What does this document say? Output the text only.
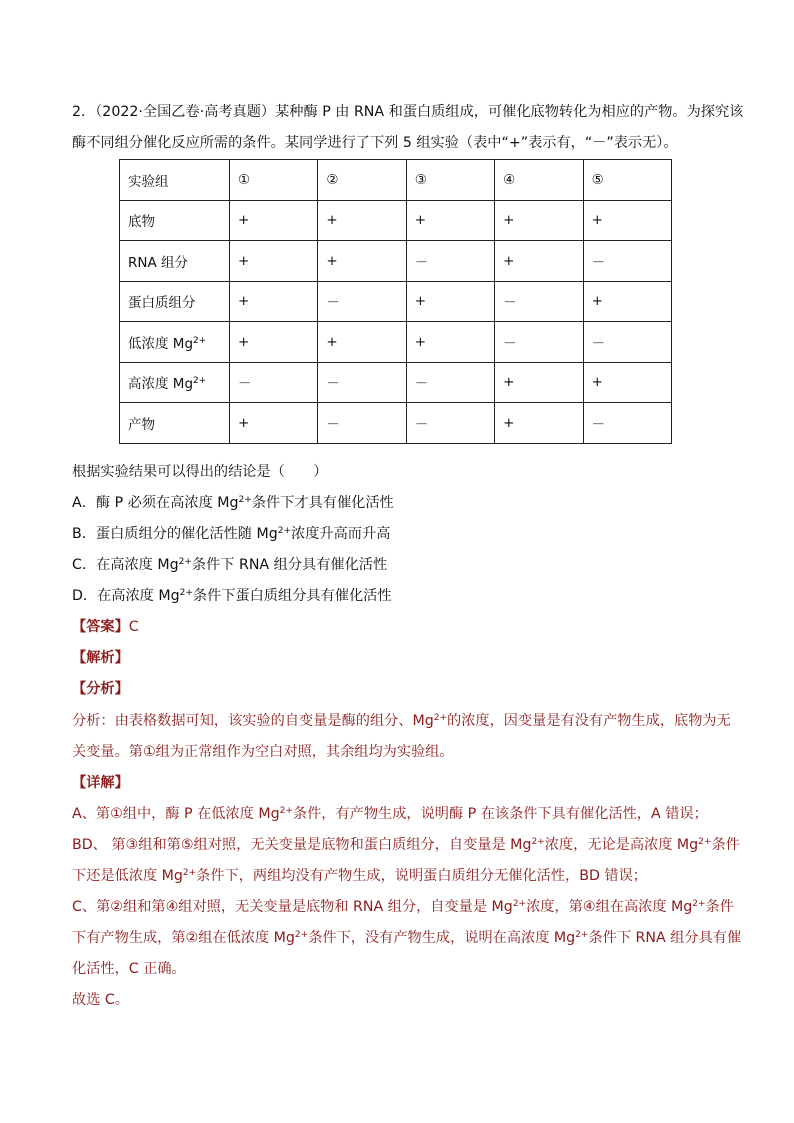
2．（2022·全国乙卷·高考真题）某种酶 P 由 RNA 和蛋白质组成，可催化底物转化为相应的产物。为探究该
酶不同组分催化反应所需的条件。某同学进行了下列 5 组实验（表中“+”表示有，“－”表示无）。
实验组	①	②	③	④	⑤
底物	+	+	+	+	+
RNA 组分	+	+	－	+	－
蛋白质组分	+	－	+	－	+
低浓度 $Mg^{2+}$	+	+	+	－	－
高浓度 $Mg^{2+}$	－	－	－	+	+
产物	+	－	－	+	－
根据实验结果可以得出的结论是（　　）
A．酶 P 必须在高浓度 $Mg^{2+}$条件下才具有催化活性
B．蛋白质组分的催化活性随 $Mg^{2+}$浓度升高而升高
C．在高浓度 $Mg^{2+}$条件下 RNA 组分具有催化活性
D．在高浓度 $Mg^{2+}$条件下蛋白质组分具有催化活性
【答案】C
【解析】
【分析】
分析：由表格数据可知，该实验的自变量是酶的组分、$Mg^{2+}$的浓度，因变量是有没有产物生成，底物为无
关变量。第①组为正常组作为空白对照，其余组均为实验组。
【详解】
A、第①组中，酶 P 在低浓度 $Mg^{2+}$条件，有产物生成，说明酶 P 在该条件下具有催化活性，A 错误；
BD、 第③组和第⑤组对照，无关变量是底物和蛋白质组分，自变量是 $Mg^{2+}$浓度，无论是高浓度 $Mg^{2+}$条件
下还是低浓度 $Mg^{2+}$条件下，两组均没有产物生成，说明蛋白质组分无催化活性，BD 错误；
C、第②组和第④组对照，无关变量是底物和 RNA 组分，自变量是 $Mg^{2+}$浓度，第④组在高浓度 $Mg^{2+}$条件
下有产物生成，第②组在低浓度 $Mg^{2+}$条件下，没有产物生成，说明在高浓度 $Mg^{2+}$条件下 RNA 组分具有催
化活性，C 正确。
故选 C。
